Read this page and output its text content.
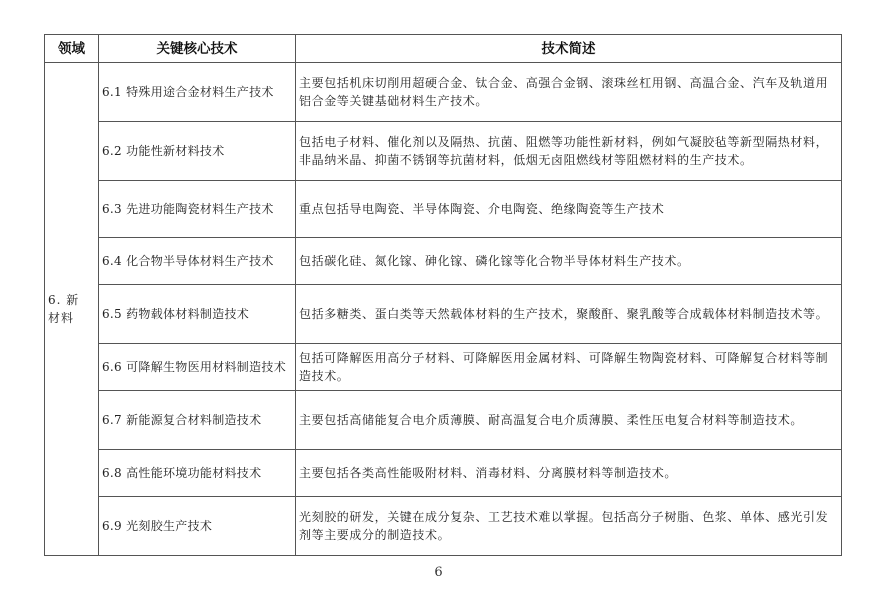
领域	关键核心技术	技术简述
6. 新 材料	6.1 特殊用途合金材料生产技术	主要包括机床切削用超硬合金、钛合金、高强合金钢、滚珠丝杠用钢、高温合金、汽车及轨道用铝合金等关键基础材料生产技术。
	6.2 功能性新材料技术	包括电子材料、催化剂以及隔热、抗菌、阻燃等功能性新材料，例如气凝胶毡等新型隔热材料，非晶纳米晶、抑菌不锈钢等抗菌材料，低烟无卤阻燃线材等阻燃材料的生产技术。
	6.3 先进功能陶瓷材料生产技术	重点包括导电陶瓷、半导体陶瓷、介电陶瓷、绝缘陶瓷等生产技术
	6.4 化合物半导体材料生产技术	包括碳化硅、氮化镓、砷化镓、磷化镓等化合物半导体材料生产技术。
	6.5 药物载体材料制造技术	包括多糖类、蛋白类等天然载体材料的生产技术，聚酸酐、聚乳酸等合成载体材料制造技术等。
	6.6 可降解生物医用材料制造技术	包括可降解医用高分子材料、可降解医用金属材料、可降解生物陶瓷材料、可降解复合材料等制造技术。
	6.7 新能源复合材料制造技术	主要包括高储能复合电介质薄膜、耐高温复合电介质薄膜、柔性压电复合材料等制造技术。
	6.8 高性能环境功能材料技术	主要包括各类高性能吸附材料、消毒材料、分离膜材料等制造技术。
	6.9 光刻胶生产技术	光刻胶的研发，关键在成分复杂、工艺技术难以掌握。包括高分子树脂、色浆、单体、感光引发剂等主要成分的制造技术。
6
